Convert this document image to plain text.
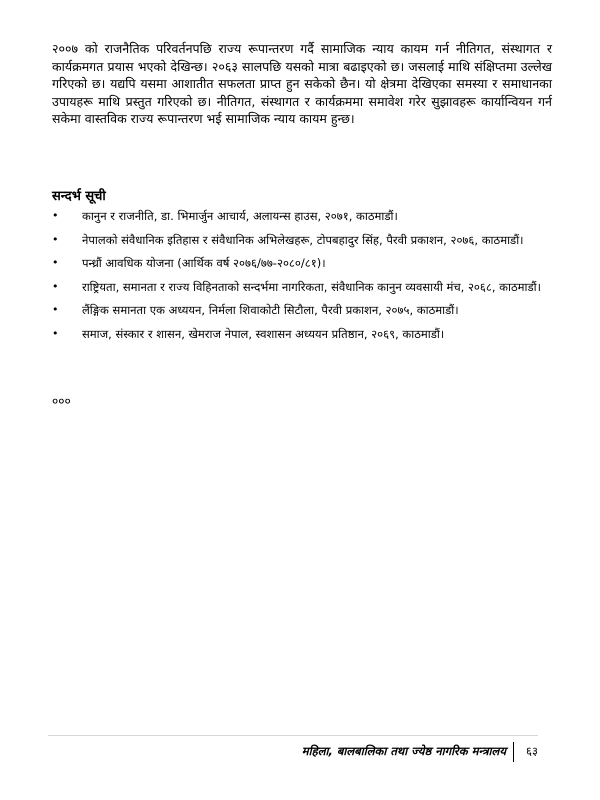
२००७ को राजनैतिक परिवर्तनपछि राज्य रूपान्तरण गर्दै सामाजिक न्याय कायम गर्न नीतिगत, संस्थागत र कार्यक्रमगत प्रयास भएको देखिन्छ। २०६३ सालपछि यसको मात्रा बढाइएको छ। जसलाई माथि संक्षिप्तमा उल्लेख गरिएको छ। यद्यपि यसमा आशातीत सफलता प्राप्त हुन सकेको छैन। यो क्षेत्रमा देखिएका समस्या र समाधानका उपायहरू माथि प्रस्तुत गरिएको छ। नीतिगत, संस्थागत र कार्यक्रममा समावेश गरेर सुझावहरू कार्यान्वियन गर्न सकेमा वास्तविक राज्य रूपान्तरण भई सामाजिक न्याय कायम हुन्छ।

सन्दर्भ सूची
• कानुन र राजनीति, डा. भिमार्जुन आचार्य, अलायन्स हाउस, २०७१, काठमाडौं।
• नेपालको संवैधानिक इतिहास र संवैधानिक अभिलेखहरू, टोपबहादुर सिंह, पैरवी प्रकाशन, २०७६, काठमाडौं।
• पन्ध्रौं आवधिक योजना (आर्थिक वर्ष २०७६/७७-२०८०/८१)।
• राष्ट्रियता, समानता र राज्य विहिनताको सन्दर्भमा नागरिकता, संवैधानिक कानुन व्यवसायी मंच, २०६८, काठमाडौं।
• लैंङ्गिक समानता एक अध्ययन, निर्मला शिवाकोटी सिटौला, पैरवी प्रकाशन, २०७५, काठमाडौं।
• समाज, संस्कार र शासन, खेमराज नेपाल, स्वशासन अध्ययन प्रतिष्ठान, २०६९, काठमाडौं।

०००

महिला, बालबालिका तथा ज्येष्ठ नागरिक मन्त्रालय ६३
